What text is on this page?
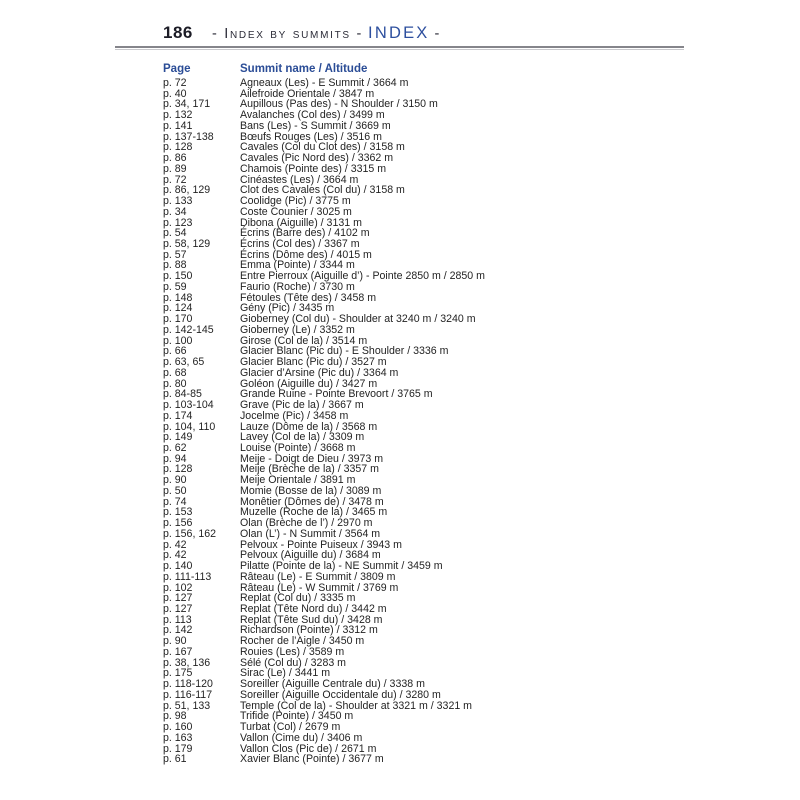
186 - Index by summits - INDEX -
Page	Summit name / Altitude
p. 72	Agneaux (Les) - E Summit / 3664 m
p. 40	Ailefroide Orientale / 3847 m
p. 34, 171	Aupillous (Pas des) - N Shoulder / 3150 m
p. 132	Avalanches (Col des) / 3499 m
p. 141	Bans (Les) - S Summit / 3669 m
p. 137-138	Bœufs Rouges (Les) / 3516 m
p. 128	Cavales (Col du Clot des) / 3158 m
p. 86	Cavales (Pic Nord des) / 3362 m
p. 89	Chamois (Pointe des) / 3315 m
p. 72	Cinéastes (Les) / 3664 m
p. 86, 129	Clot des Cavales (Col du) / 3158 m
p. 133	Coolidge (Pic) / 3775 m
p. 34	Coste Counier / 3025 m
p. 123	Dibona (Aiguille) / 3131 m
p. 54	Écrins (Barre des) / 4102 m
p. 58, 129	Écrins (Col des) / 3367 m
p. 57	Écrins (Dôme des) / 4015 m
p. 88	Emma (Pointe) / 3344 m
p. 150	Entre Pierroux (Aiguille d’) - Pointe 2850 m / 2850 m
p. 59	Faurio (Roche) / 3730 m
p. 148	Fétoules (Tête des) / 3458 m
p. 124	Gény (Pic) / 3435 m
p. 170	Gioberney (Col du) - Shoulder at 3240 m / 3240 m
p. 142-145	Gioberney (Le) / 3352 m
p. 100	Girose (Col de la) / 3514 m
p. 66	Glacier Blanc (Pic du) - E Shoulder / 3336 m
p. 63, 65	Glacier Blanc (Pic du) / 3527 m
p. 68	Glacier d’Arsine (Pic du) / 3364 m
p. 80	Goléon (Aiguille du) / 3427 m
p. 84-85	Grande Ruine - Pointe Brevoort / 3765 m
p. 103-104	Grave (Pic de la) / 3667 m
p. 174	Jocelme (Pic) / 3458 m
p. 104, 110	Lauze (Dôme de la) / 3568 m
p. 149	Lavey (Col de la) / 3309 m
p. 62	Louise (Pointe) / 3668 m
p. 94	Meije - Doigt de Dieu / 3973 m
p. 128	Meije (Brèche de la) / 3357 m
p. 90	Meije Orientale / 3891 m
p. 50	Momie (Bosse de la) / 3089 m
p. 74	Monêtier (Dômes de) / 3478 m
p. 153	Muzelle (Roche de la) / 3465 m
p. 156	Olan (Brèche de l’) / 2970 m
p. 156, 162	Olan (L’) - N Summit / 3564 m
p. 42	Pelvoux - Pointe Puiseux / 3943 m
p. 42	Pelvoux (Aiguille du) / 3684 m
p. 140	Pilatte (Pointe de la) - NE Summit / 3459 m
p. 111-113	Râteau (Le) - E Summit / 3809 m
p. 102	Râteau (Le) - W Summit / 3769 m
p. 127	Replat (Col du) / 3335 m
p. 127	Replat (Tête Nord du) / 3442 m
p. 113	Replat (Tête Sud du) / 3428 m
p. 142	Richardson (Pointe) / 3312 m
p. 90	Rocher de l’Aigle / 3450 m
p. 167	Rouies (Les) / 3589 m
p. 38, 136	Sélé (Col du) / 3283 m
p. 175	Sirac (Le) / 3441 m
p. 118-120	Soreiller (Aiguille Centrale du) / 3338 m
p. 116-117	Soreiller (Aiguille Occidentale du) / 3280 m
p. 51, 133	Temple (Col de la) - Shoulder at 3321 m / 3321 m
p. 98	Trifide (Pointe) / 3450 m
p. 160	Turbat (Col) / 2679 m
p. 163	Vallon (Cime du) / 3406 m
p. 179	Vallon Clos (Pic de) / 2671 m
p. 61	Xavier Blanc (Pointe) / 3677 m
